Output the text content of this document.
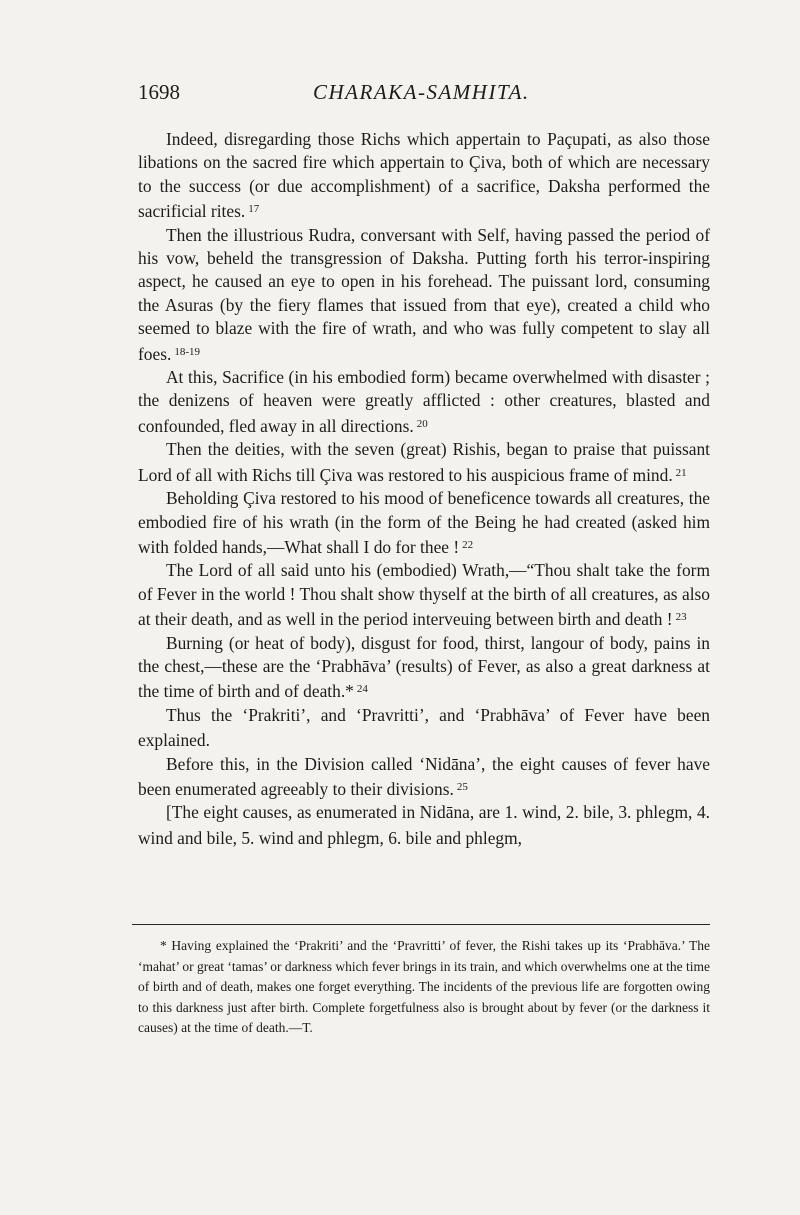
1698	CHARAKA-SAMHITA.

Indeed, disregarding those Richs which appertain to Paçupati, as also those libations on the sacred fire which appertain to Çiva, both of which are necessary to the success (or due accomplishment) of a sacrifice, Daksha performed the sacrificial rites. $^{17}$

Then the illustrious Rudra, conversant with Self, having passed the period of his vow, beheld the transgression of Daksha. Putting forth his terror-inspiring aspect, he caused an eye to open in his forehead. The puissant lord, consuming the Asuras (by the fiery flames that issued from that eye), created a child who seemed to blaze with the fire of wrath, and who was fully competent to slay all foes. $^{18-19}$

At this, Sacrifice (in his embodied form) became overwhelmed with disaster ; the denizens of heaven were greatly afflicted : other creatures, blasted and confounded, fled away in all directions. $^{20}$

Then the deities, with the seven (great) Rishis, began to praise that puissant Lord of all with Richs till Çiva was restored to his auspicious frame of mind. $^{21}$

Beholding Çiva restored to his mood of beneficence towards all creatures, the embodied fire of his wrath (in the form of the Being he had created (asked him with folded hands,—What shall I do for thee ! $^{22}$

The Lord of all said unto his (embodied) Wrath,—“Thou shalt take the form of Fever in the world ! Thou shalt show thyself at the birth of all creatures, as also at their death, and as well in the period interveuing between birth and death ! $^{23}$

Burning (or heat of body), disgust for food, thirst, langour of body, pains in the chest,—these are the ‘Prabhāva’ (results) of Fever, as also a great darkness at the time of birth and of death.* $^{24}$

Thus the ‘Prakriti’, and ‘Pravritti’, and ‘Prabhāva’ of Fever have been explained.

Before this, in the Division called ‘Nidāna’, the eight causes of fever have been enumerated agreeably to their divisions. $^{25}$

[The eight causes, as enumerated in Nidāna, are 1. wind, 2. bile, 3. phlegm, 4. wind and bile, 5. wind and phlegm, 6. bile and phlegm,

* Having explained the ‘Prakriti’ and the ‘Pravritti’ of fever, the Rishi takes up its ‘Prabhāva.’ The ‘mahat’ or great ‘tamas’ or darkness which fever brings in its train, and which overwhelms one at the time of birth and of death, makes one forget everything. The incidents of the previous life are forgotten owing to this darkness just after birth. Complete forgetfulness also is brought about by fever (or the darkness it causes) at the time of death.—T.
